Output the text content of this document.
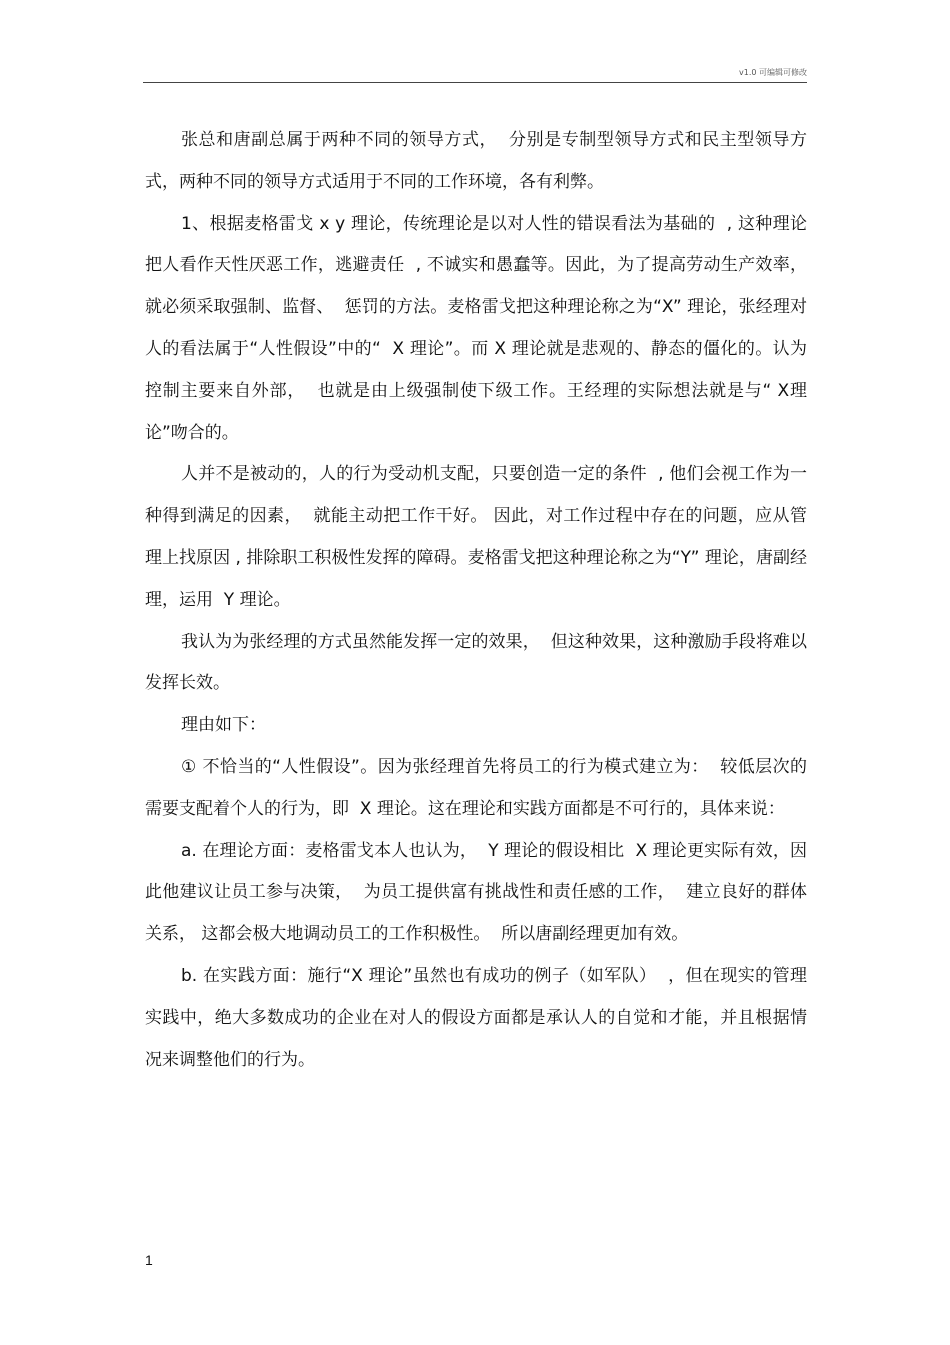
v1.0 可编辑可修改

张总和唐副总属于两种不同的领导方式，  分别是专制型领导方式和民主型领导方式，两种不同的领导方式适用于不同的工作环境，各有利弊。

1、根据麦格雷戈 x y 理论，传统理论是以对人性的错误看法为基础的  , 这种理论把人看作天性厌恶工作，逃避责任  , 不诚实和愚蠢等。因此，为了提高劳动生产效率，就必须采取强制、监督、  惩罚的方法。麦格雷戈把这种理论称之为“X” 理论，张经理对人的看法属于“人性假设”中的“  X 理论”。而 X 理论就是悲观的、静态的僵化的。认为控制主要来自外部，  也就是由上级强制使下级工作。王经理的实际想法就是与“ X理论”吻合的。

人并不是被动的，人的行为受动机支配，只要创造一定的条件  , 他们会视工作为一种得到满足的因素，  就能主动把工作干好。 因此，对工作过程中存在的问题，应从管理上找原因 , 排除职工积极性发挥的障碍。麦格雷戈把这种理论称之为“Y” 理论，唐副经理，运用  Y 理论。

我认为为张经理的方式虽然能发挥一定的效果，  但这种效果，这种激励手段将难以发挥长效。

理由如下：

① 不恰当的“人性假设”。因为张经理首先将员工的行为模式建立为：  较低层次的需要支配着个人的行为，即  X 理论。这在理论和实践方面都是不可行的，具体来说：

a. 在理论方面：麦格雷戈本人也认为，  Y 理论的假设相比  X 理论更实际有效，因此他建议让员工参与决策，  为员工提供富有挑战性和责任感的工作，  建立良好的群体关系， 这都会极大地调动员工的工作积极性。  所以唐副经理更加有效。

b. 在实践方面：施行“X 理论”虽然也有成功的例子（如军队）  ，但在现实的管理实践中，绝大多数成功的企业在对人的假设方面都是承认人的自觉和才能，并且根据情况来调整他们的行为。

1
